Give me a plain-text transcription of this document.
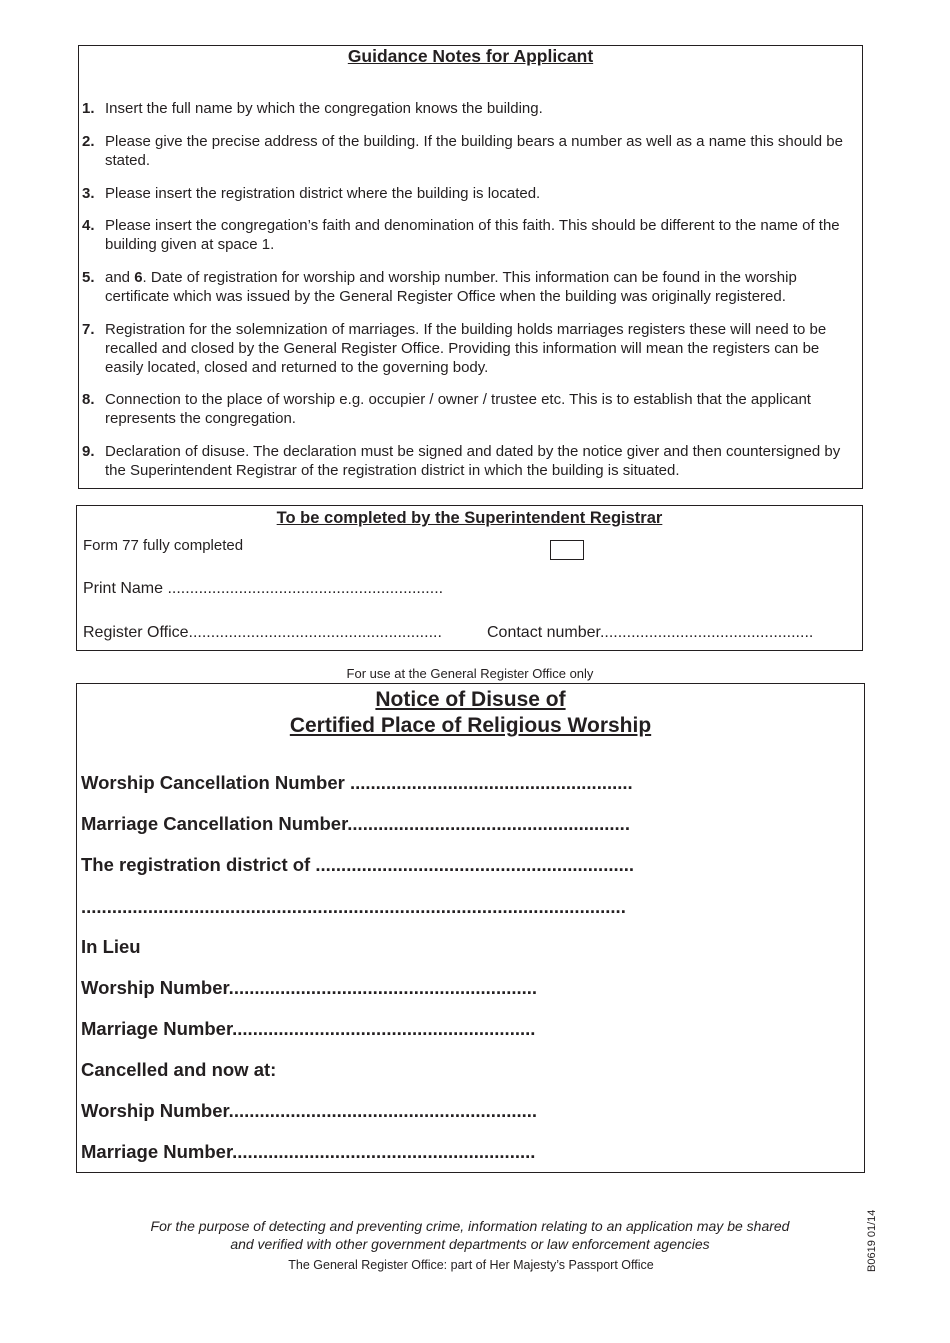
Guidance Notes for Applicant
1. Insert the full name by which the congregation knows the building.
2. Please give the precise address of the building. If the building bears a number as well as a name this should be stated.
3. Please insert the registration district where the building is located.
4. Please insert the congregation’s faith and denomination of this faith. This should be different to the name of the building given at space 1.
5. and 6. Date of registration for worship and worship number. This information can be found in the worship certificate which was issued by the General Register Office when the building was originally registered.
7. Registration for the solemnization of marriages. If the building holds marriages registers these will need to be recalled and closed by the General Register Office. Providing this information will mean the registers can be easily located, closed and returned to the governing body.
8. Connection to the place of worship e.g. occupier / owner / trustee etc. This is to establish that the applicant represents the congregation.
9. Declaration of disuse. The declaration must be signed and dated by the notice giver and then countersigned by the Superintendent Registrar of the registration district in which the building is situated.
To be completed by the Superintendent Registrar
Form 77 fully completed
Print Name ..............................................................
Register Office.........................................................	Contact number................................................
For use at the General Register Office only
Notice of Disuse of
Certified Place of Religious Worship
Worship Cancellation Number .......................................................
Marriage Cancellation Number.......................................................
The registration district of ..............................................................
..........................................................................................................
In Lieu
Worship Number............................................................
Marriage Number...........................................................
Cancelled and now at:
Worship Number............................................................
Marriage Number...........................................................
For the purpose of detecting and preventing crime, information relating to an application may be shared
and verified with other government departments or law enforcement agencies
The General Register Office: part of Her Majesty’s Passport Office	B0619 01/14
